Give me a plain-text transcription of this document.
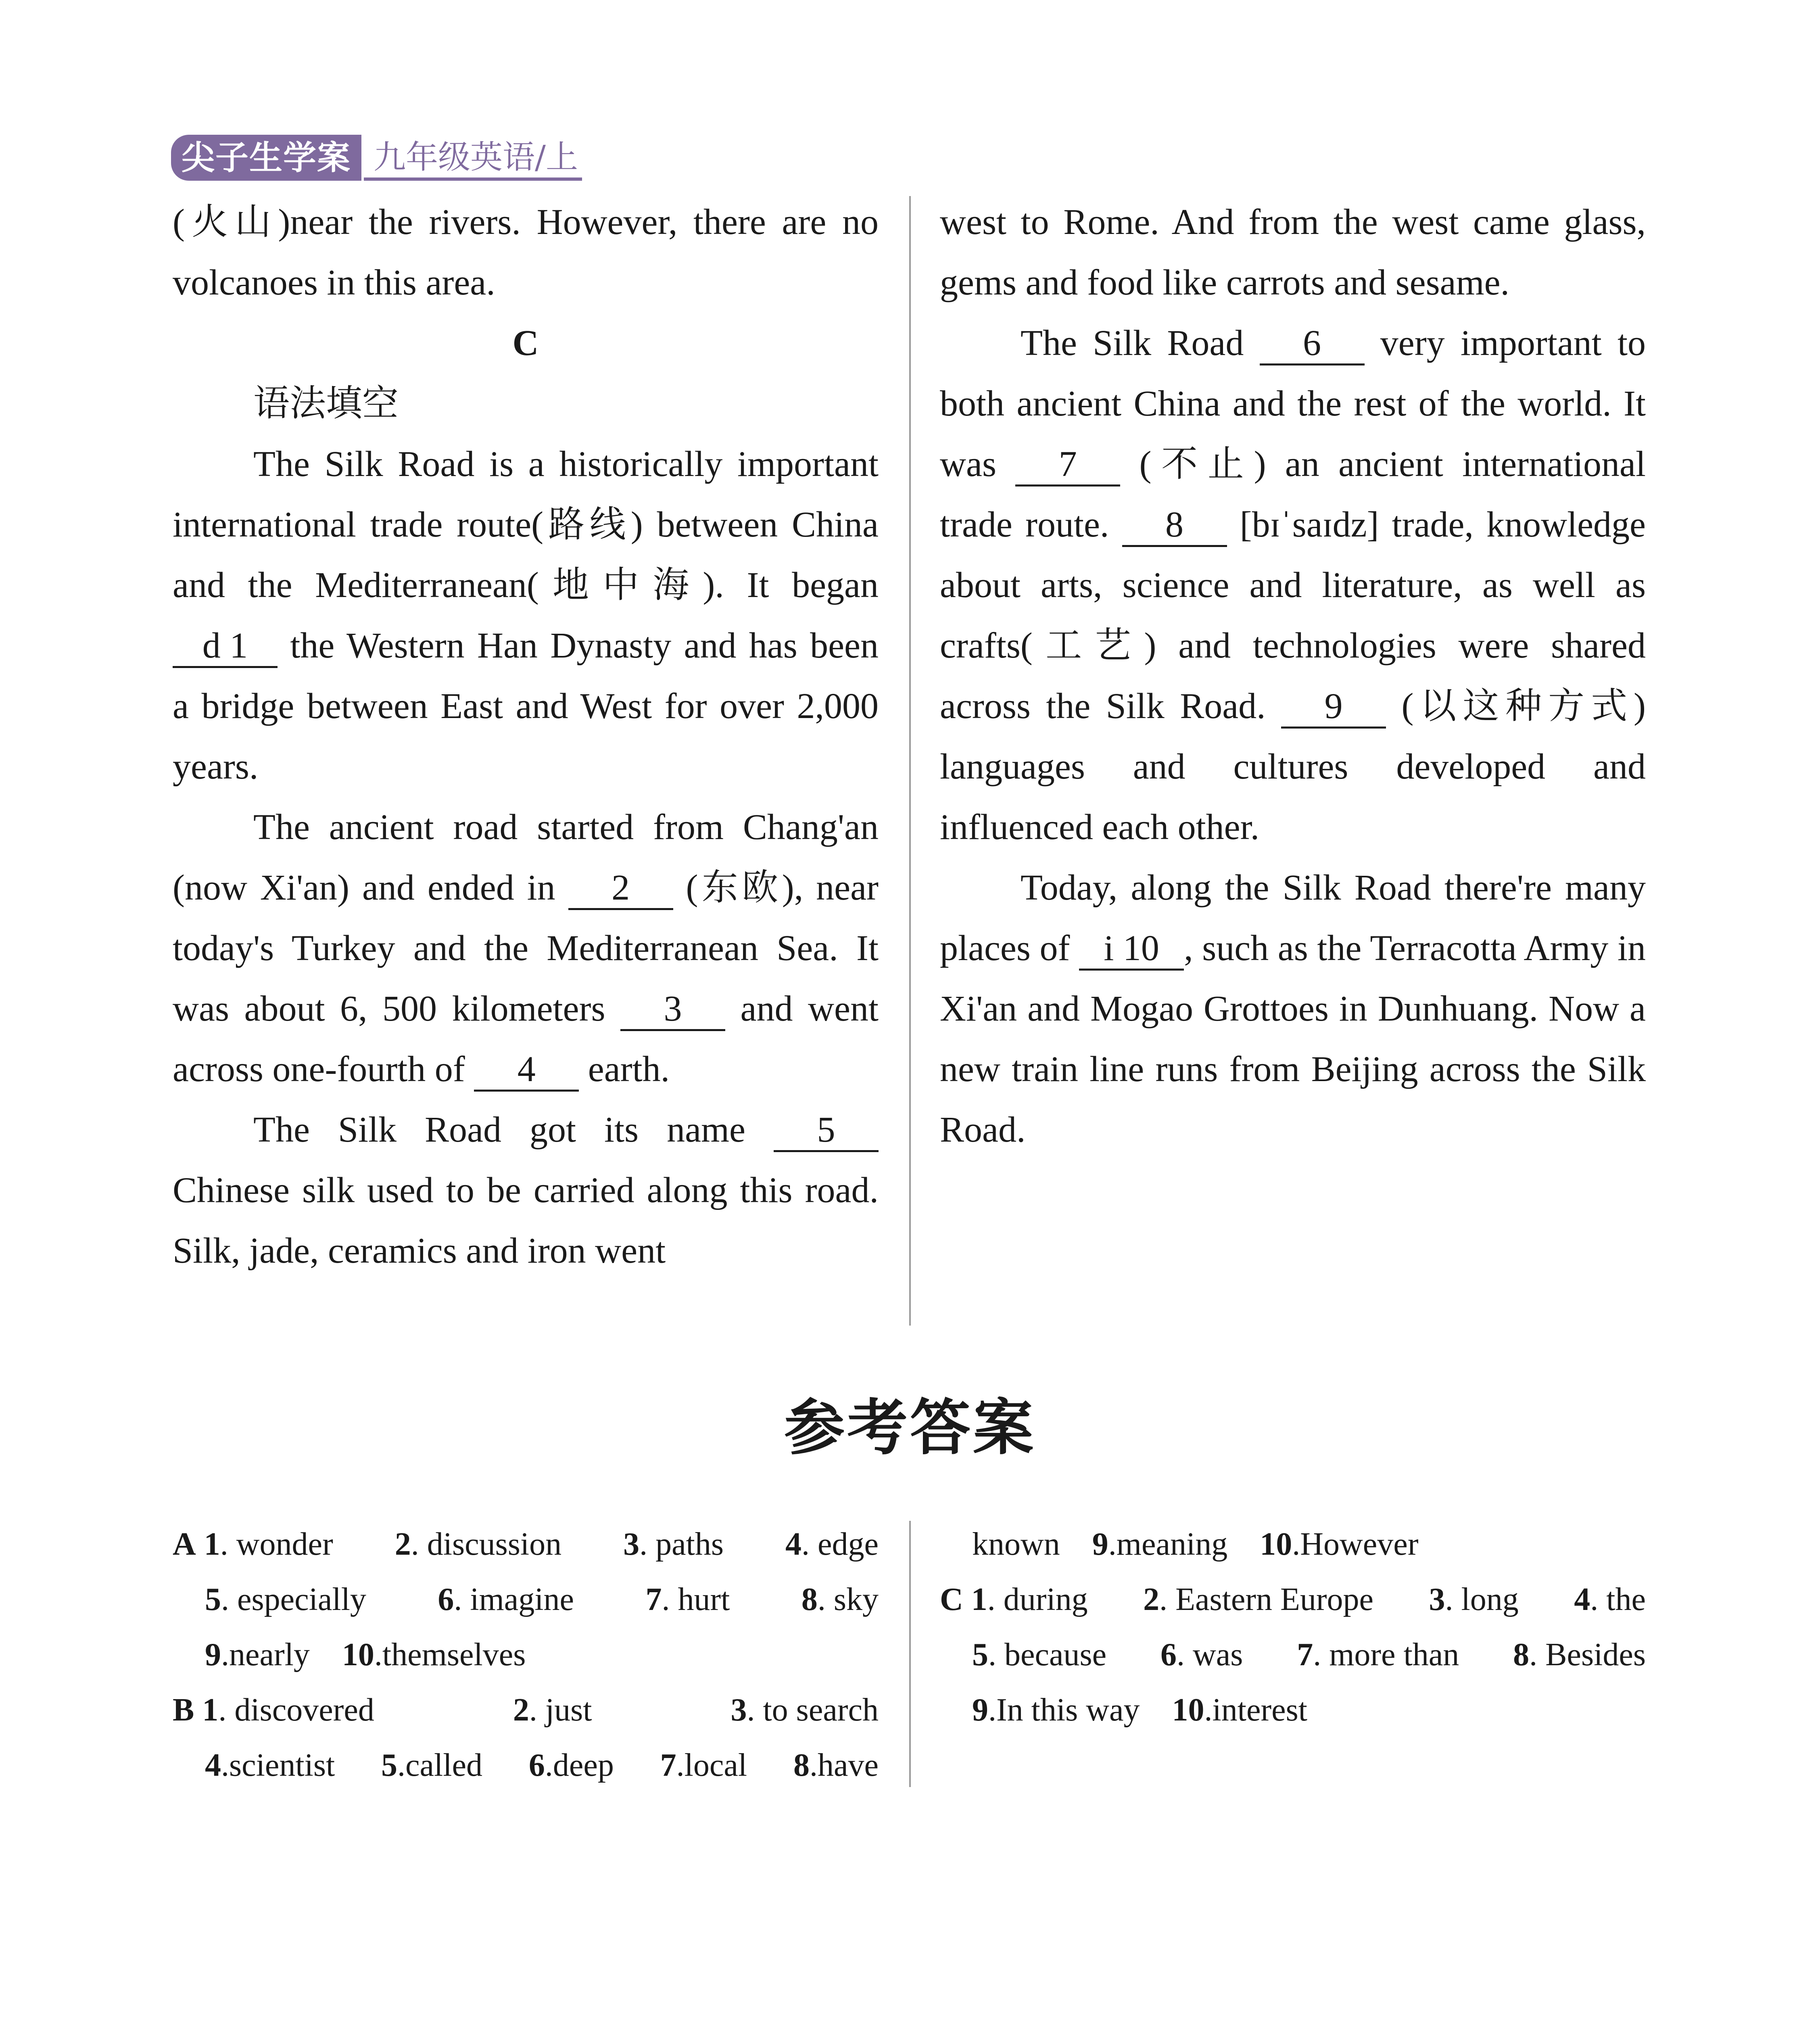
尖子生学案 九年级英语/上

(火山)near the rivers. However, there are no volcanoes in this area.

C

语法填空

The Silk Road is a historically important international trade route(路线) between China and the Mediterranean(地中海). It began d 1 the Western Han Dynasty and has been a bridge between East and West for over 2,000 years.

The ancient road started from Chang'an (now Xi'an) and ended in 2 (东欧), near today's Turkey and the Mediterranean Sea. It was about 6, 500 kilometers 3 and went across one-fourth of 4 earth.

The Silk Road got its name 5 Chinese silk used to be carried along this road. Silk, jade, ceramics and iron went

west to Rome. And from the west came glass, gems and food like carrots and sesame.

The Silk Road 6 very important to both ancient China and the rest of the world. It was 7 (不止) an ancient international trade route. 8 [bɪˈsaɪdz] trade, knowledge about arts, science and literature, as well as crafts(工艺) and technologies were shared across the Silk Road. 9 (以这种方式) languages and cultures developed and influenced each other.

Today, along the Silk Road there're many places of i 10, such as the Terracotta Army in Xi'an and Mogao Grottoes in Dunhuang. Now a new train line runs from Beijing across the Silk Road.

参考答案
A 1. wonder 2. discussion 3. paths 4. edge
5. especially 6. imagine 7. hurt 8. sky
9.nearly 10.themselves
B 1. discovered	2. just	3. to search
4.scientist 5.called 6.deep 7.local 8.have
known 9.meaning 10.However
C 1. during 2. Eastern Europe 3. long 4. the
5. because 6. was 7. more than 8. Besides
9.In this way 10.interest
